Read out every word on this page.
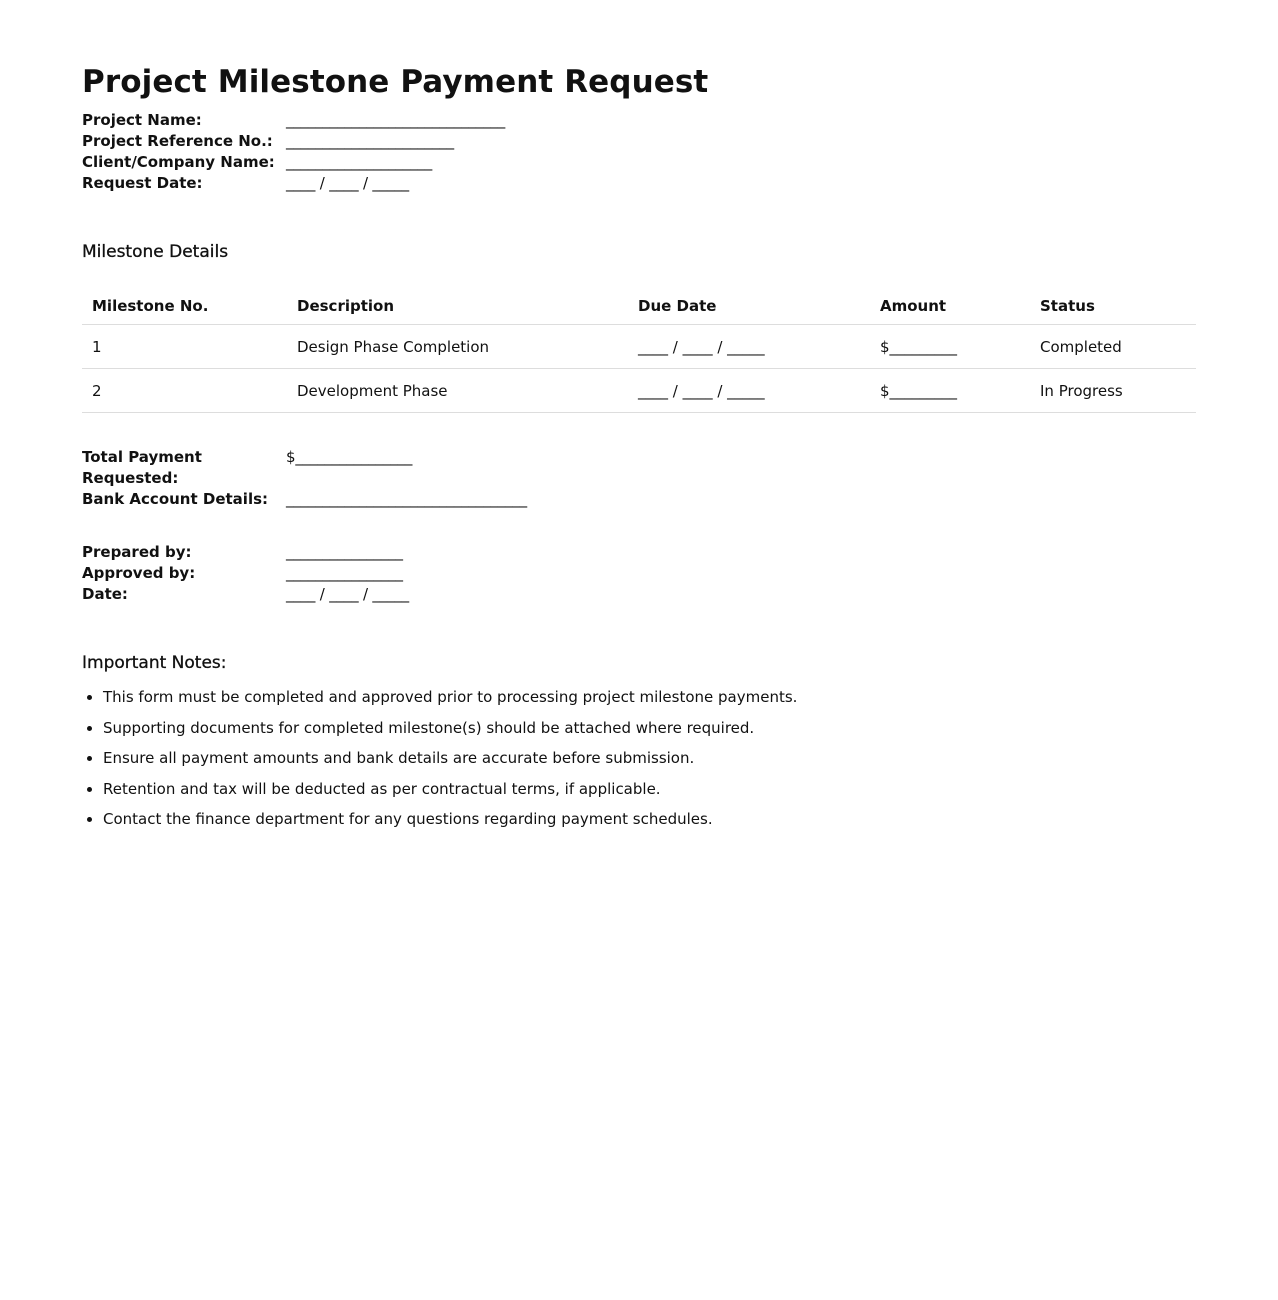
Project Milestone Payment Request
Project Name:	______________________________
Project Reference No.: _______________________
Client/Company Name: ____________________
Request Date:	____ / ____ / _____
Milestone Details
Milestone No.	Description	Due Date	Amount	Status
1	Design Phase Completion	____ / ____ / _____	$_________	Completed
2	Development Phase	____ / ____ / _____	$_________	In Progress
Total Payment Requested:
$________________
Bank Account Details:	_________________________________
Prepared by:	________________
Approved by:	________________
Date:	____ / ____ / _____
Important Notes:
• This form must be completed and approved prior to processing project milestone payments.
• Supporting documents for completed milestone(s) should be attached where required.
• Ensure all payment amounts and bank details are accurate before submission.
• Retention and tax will be deducted as per contractual terms, if applicable.
• Contact the finance department for any questions regarding payment schedules.
